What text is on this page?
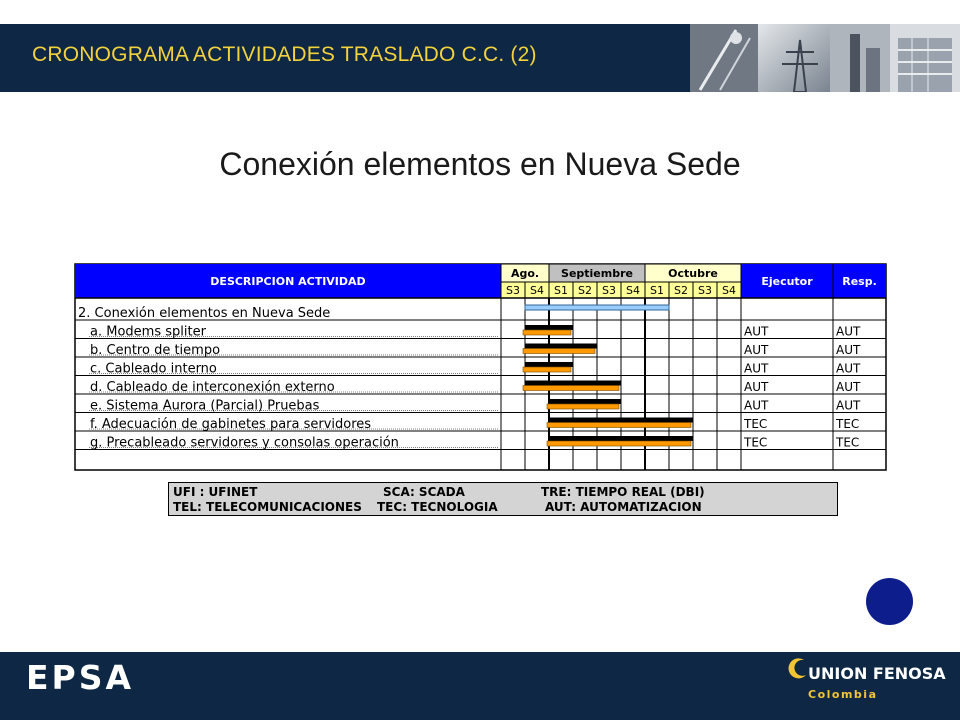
CRONOGRAMA ACTIVIDADES TRASLADO C.C. (2)
Conexión elementos en Nueva Sede
DESCRIPCION ACTIVIDAD	Ejecutor	Resp.
Ago. Septiembre	Octubre
S3 S4 S1 S2 S3 S4 S1 S2 S3 S4
2. Conexión elementos en Nueva Sede
a. Modems spliter	AUT	AUT
b. Centro de tiempo	AUT	AUT
c. Cableado interno	AUT	AUT
d. Cableado de interconexión externo	AUT	AUT
e. Sistema Aurora (Parcial) Pruebas	AUT	AUT
f. Adecuación de gabinetes para servidores	TEC	TEC
g. Precableado servidores y consolas operación	TEC	TEC
UFI : UFINET	SCA: SCADA	TRE: TIEMPO REAL (DBI)
TEL: TELECOMUNICACIONES TEC: TECNOLOGIA	AUT: AUTOMATIZACION
EPSA	UNION FENOSA
Colombia
